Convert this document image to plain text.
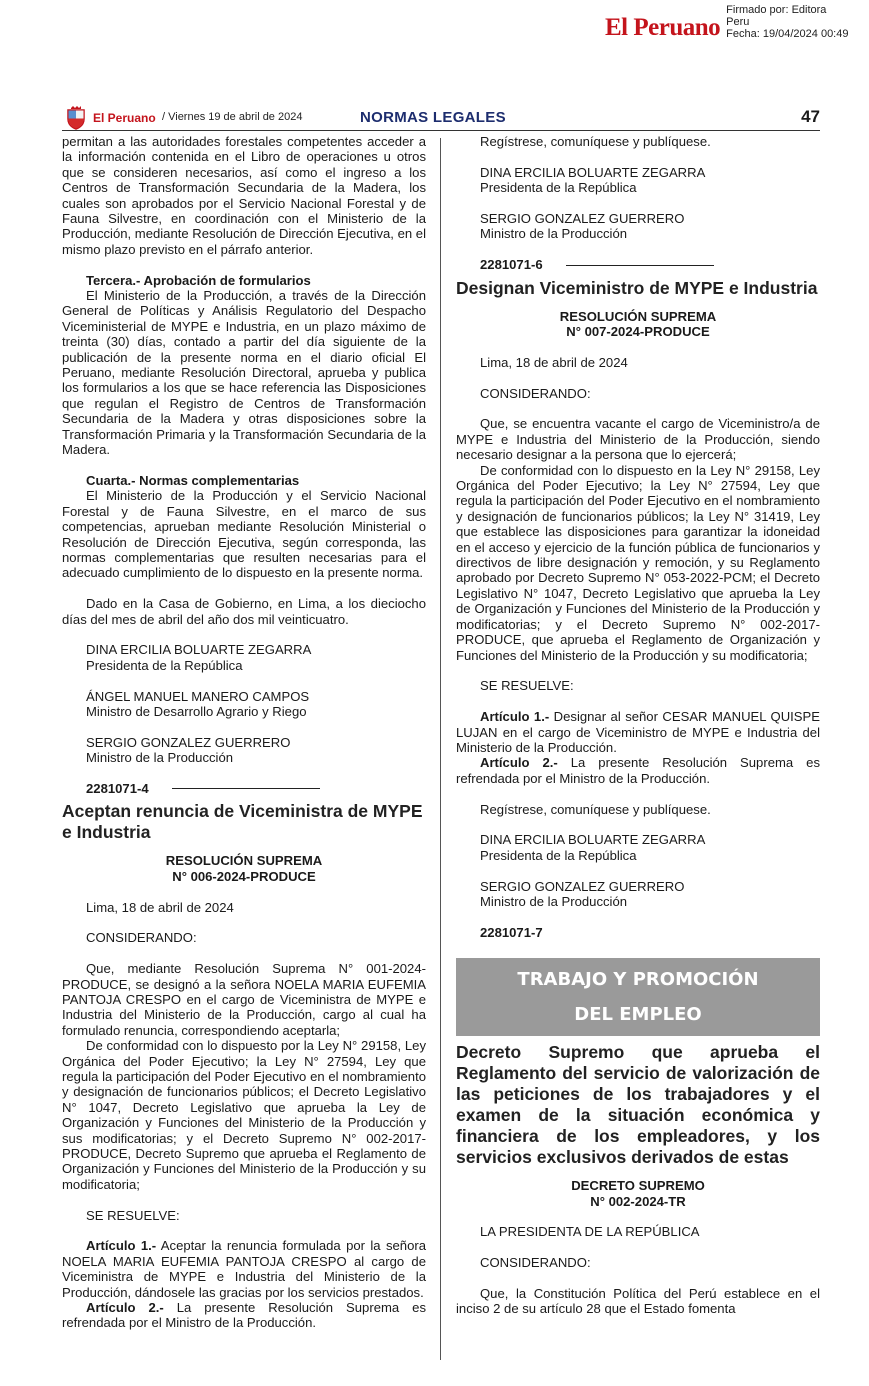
El Peruano
Firmado por: Editora
Peru
Fecha: 19/04/2024 00:49
El Peruano / Viernes 19 de abril de 2024	NORMAS LEGALES	47

permitan a las autoridades forestales competentes acceder a la información contenida en el Libro de operaciones u otros que se consideren necesarios, así como el ingreso a los Centros de Transformación Secundaria de la Madera, los cuales son aprobados por el Servicio Nacional Forestal y de Fauna Silvestre, en coordinación con el Ministerio de la Producción, mediante Resolución de Dirección Ejecutiva, en el mismo plazo previsto en el párrafo anterior.

Tercera.- Aprobación de formularios

El Ministerio de la Producción, a través de la Dirección General de Políticas y Análisis Regulatorio del Despacho Viceministerial de MYPE e Industria, en un plazo máximo de treinta (30) días, contado a partir del día siguiente de la publicación de la presente norma en el diario oficial El Peruano, mediante Resolución Directoral, aprueba y publica los formularios a los que se hace referencia las Disposiciones que regulan el Registro de Centros de Transformación Secundaria de la Madera y otras disposiciones sobre la Transformación Primaria y la Transformación Secundaria de la Madera.

Cuarta.- Normas complementarias

El Ministerio de la Producción y el Servicio Nacional Forestal y de Fauna Silvestre, en el marco de sus competencias, aprueban mediante Resolución Ministerial o Resolución de Dirección Ejecutiva, según corresponda, las normas complementarias que resulten necesarias para el adecuado cumplimiento de lo dispuesto en la presente norma.

Dado en la Casa de Gobierno, en Lima, a los dieciocho días del mes de abril del año dos mil veinticuatro.

DINA ERCILIA BOLUARTE ZEGARRA

Presidenta de la República

ÁNGEL MANUEL MANERO CAMPOS

Ministro de Desarrollo Agrario y Riego

SERGIO GONZALEZ GUERRERO

Ministro de la Producción

2281071-4

Aceptan renuncia de Viceministra de MYPE e Industria

RESOLUCIÓN SUPREMA

N° 006-2024-PRODUCE

Lima, 18 de abril de 2024

CONSIDERANDO:

Que, mediante Resolución Suprema N° 001-2024-PRODUCE, se designó a la señora NOELA MARIA EUFEMIA PANTOJA CRESPO en el cargo de Viceministra de MYPE e Industria del Ministerio de la Producción, cargo al cual ha formulado renuncia, correspondiendo aceptarla;

De conformidad con lo dispuesto por la Ley N° 29158, Ley Orgánica del Poder Ejecutivo; la Ley N° 27594, Ley que regula la participación del Poder Ejecutivo en el nombramiento y designación de funcionarios públicos; el Decreto Legislativo N° 1047, Decreto Legislativo que aprueba la Ley de Organización y Funciones del Ministerio de la Producción y sus modificatorias; y el Decreto Supremo N° 002-2017-PRODUCE, Decreto Supremo que aprueba el Reglamento de Organización y Funciones del Ministerio de la Producción y su modificatoria;

SE RESUELVE:

Artículo 1.- Aceptar la renuncia formulada por la señora NOELA MARIA EUFEMIA PANTOJA CRESPO al cargo de Viceministra de MYPE e Industria del Ministerio de la Producción, dándosele las gracias por los servicios prestados.

Artículo 2.- La presente Resolución Suprema es refrendada por el Ministro de la Producción.

Regístrese, comuníquese y publíquese.

DINA ERCILIA BOLUARTE ZEGARRA

Presidenta de la República

SERGIO GONZALEZ GUERRERO

Ministro de la Producción

2281071-6

Designan Viceministro de MYPE e Industria

RESOLUCIÓN SUPREMA

N° 007-2024-PRODUCE

Lima, 18 de abril de 2024

CONSIDERANDO:

Que, se encuentra vacante el cargo de Viceministro/a de MYPE e Industria del Ministerio de la Producción, siendo necesario designar a la persona que lo ejercerá;

De conformidad con lo dispuesto en la Ley N° 29158, Ley Orgánica del Poder Ejecutivo; la Ley N° 27594, Ley que regula la participación del Poder Ejecutivo en el nombramiento y designación de funcionarios públicos; la Ley N° 31419, Ley que establece las disposiciones para garantizar la idoneidad en el acceso y ejercicio de la función pública de funcionarios y directivos de libre designación y remoción, y su Reglamento aprobado por Decreto Supremo N° 053-2022-PCM; el Decreto Legislativo N° 1047, Decreto Legislativo que aprueba la Ley de Organización y Funciones del Ministerio de la Producción y modificatorias; y el Decreto Supremo N° 002-2017-PRODUCE, que aprueba el Reglamento de Organización y Funciones del Ministerio de la Producción y su modificatoria;

SE RESUELVE:

Artículo 1.- Designar al señor CESAR MANUEL QUISPE LUJAN en el cargo de Viceministro de MYPE e Industria del Ministerio de la Producción.

Artículo 2.- La presente Resolución Suprema es refrendada por el Ministro de la Producción.

Regístrese, comuníquese y publíquese.

DINA ERCILIA BOLUARTE ZEGARRA

Presidenta de la República

SERGIO GONZALEZ GUERRERO

Ministro de la Producción

2281071-7

TRABAJO Y PROMOCIÓN
DEL EMPLEO
Decreto Supremo que aprueba el Reglamento del servicio de valorización de las peticiones de los trabajadores y el examen de la situación económica y financiera de los empleadores, y los servicios exclusivos derivados de estas

DECRETO SUPREMO

N° 002-2024-TR

LA PRESIDENTA DE LA REPÚBLICA

CONSIDERANDO:

Que, la Constitución Política del Perú establece en el inciso 2 de su artículo 28 que el Estado fomenta
